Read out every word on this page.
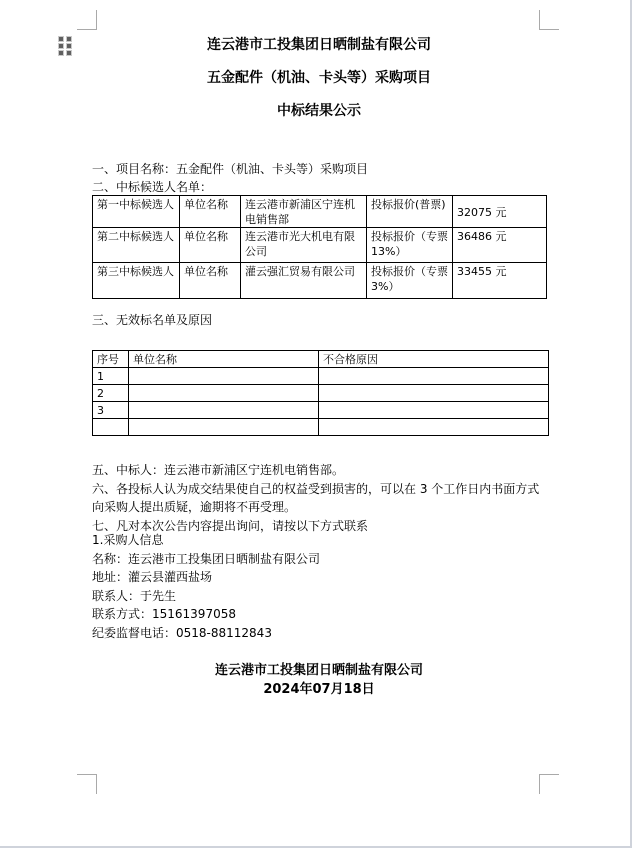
连云港市工投集团日晒制盐有限公司
五金配件（机油、卡头等）采购项目
中标结果公示
一、项目名称：五金配件（机油、卡头等）采购项目
二、中标候选人名单：
第一中标候选人	单位名称	连云港市新浦区宁连机电销售部	投标报价(普票)	32075 元
第二中标候选人	单位名称	连云港市光大机电有限公司	投标报价（专票13%）	36486 元
第三中标候选人	单位名称	灌云强汇贸易有限公司	投标报价（专票3%）	33455 元
三、无效标名单及原因
序号	单位名称	不合格原因
1		
2		
3		

五、中标人：连云港市新浦区宁连机电销售部。
六、各投标人认为成交结果使自己的权益受到损害的，可以在 3 个工作日内书面方式向采购人提出质疑，逾期将不再受理。
七、凡对本次公告内容提出询问，请按以下方式联系
1.采购人信息
名称：连云港市工投集团日晒制盐有限公司
地址：灌云县灌西盐场
联系人：于先生
联系方式：15161397058
纪委监督电话：0518-88112843
连云港市工投集团日晒制盐有限公司
2024年07月18日
